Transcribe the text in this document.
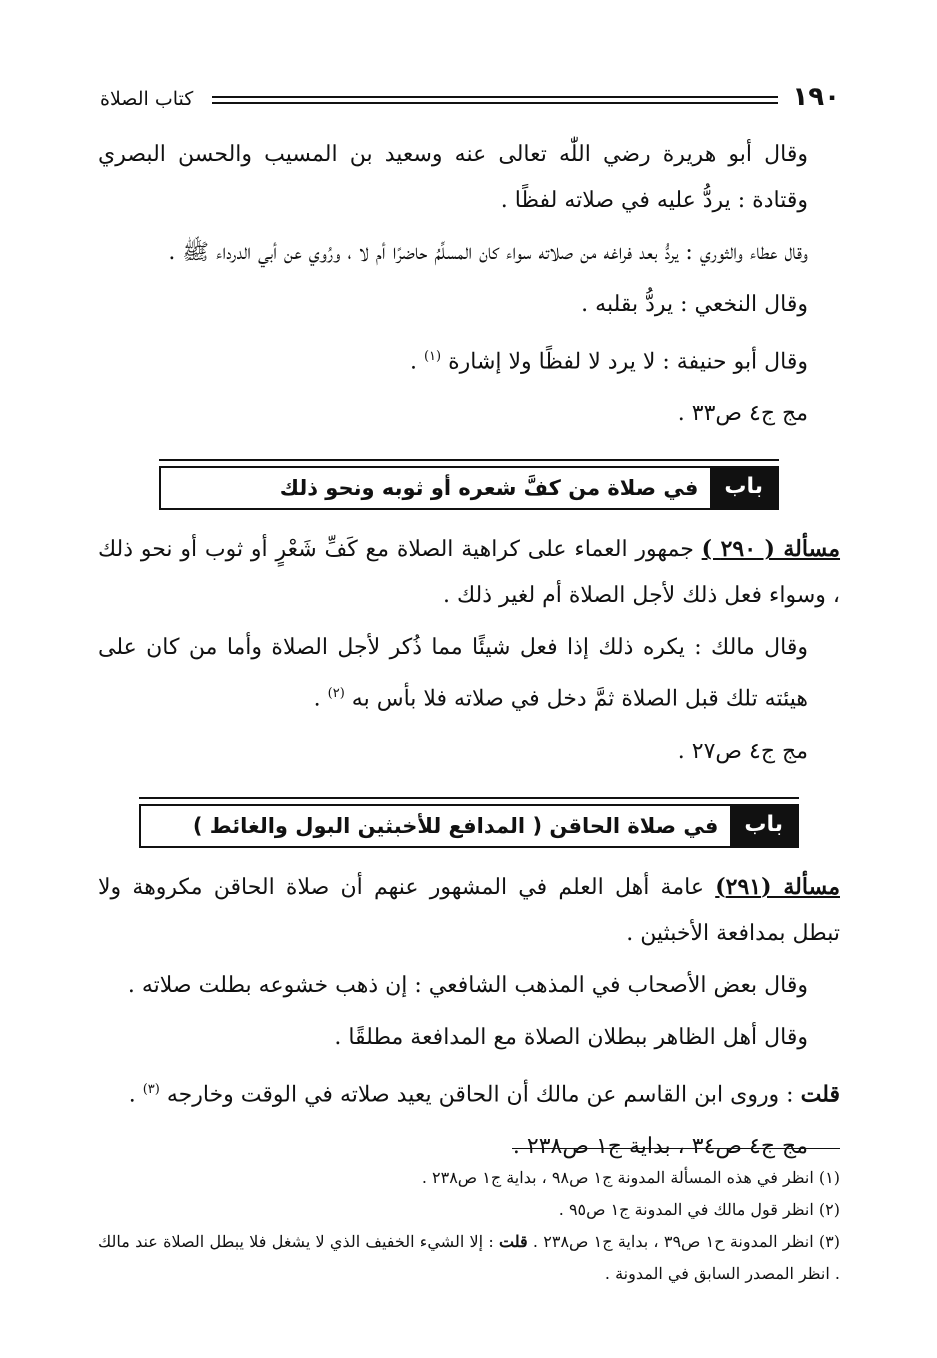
كتاب الصلاة	١٩٠

وقال أبو هريرة رضي اللّٰه تعالى عنه وسعيد بن المسيب والحسن البصري وقتادة : يردُّ عليه في صلاته لفظًا .

وقال عطاء والثوري : يردُّ بعد فراغه من صلاته سواء كان المسلِّمُ حاضرًا أم لا ، ورُوي عن أبي الدرداء ﷺ .

وقال النخعي : يردُّ بقلبه .

وقال أبو حنيفة : لا يرد لا لفظًا ولا إشارة $^{(١)}$ .

مج ج٤ ص٣٣ .

باب
في صلاة من كفَّ شعره أو ثوبه ونحو ذلك

مسألة ( ٢٩٠ ) جمهور العماء على كراهية الصلاة مع كَفِّ شَعْرٍ أو ثوب أو نحو ذلك ، وسواء فعل ذلك لأجل الصلاة أم لغير ذلك .

وقال مالك : يكره ذلك إذا فعل شيئًا مما ذُكر لأجل الصلاة وأما من كان على هيئته تلك قبل الصلاة ثمَّ دخل في صلاته فلا بأس به $^{(٢)}$ .

مج ج٤ ص٢٧ .

باب
في صلاة الحاقن ( المدافع للأخبثين البول والغائط )

مسألة (٢٩١) عامة أهل العلم في المشهور عنهم أن صلاة الحاقن مكروهة ولا تبطل بمدافعة الأخبثين .

وقال بعض الأصحاب في المذهب الشافعي : إن ذهب خشوعه بطلت صلاته .

وقال أهل الظاهر ببطلان الصلاة مع المدافعة مطلقًا .

قلت : وروى ابن القاسم عن مالك أن الحاقن يعيد صلاته في الوقت وخارجه $^{(٣)}$ .

مج ج٤ ص٣٤ ، بداية ج١ ص٢٣٨ .

(١) انظر في هذه المسألة المدونة ج١ ص٩٨ ، بداية ج١ ص٢٣٨ .

(٢) انظر قول مالك في المدونة ج١ ص٩٥ .

(٣) انظر المدونة ح١ ص٣٩ ، بداية ج١ ص٢٣٨ . قلت : إلا الشيء الخفيف الذي لا يشغل فلا يبطل الصلاة عند مالك . انظر المصدر السابق في المدونة .
